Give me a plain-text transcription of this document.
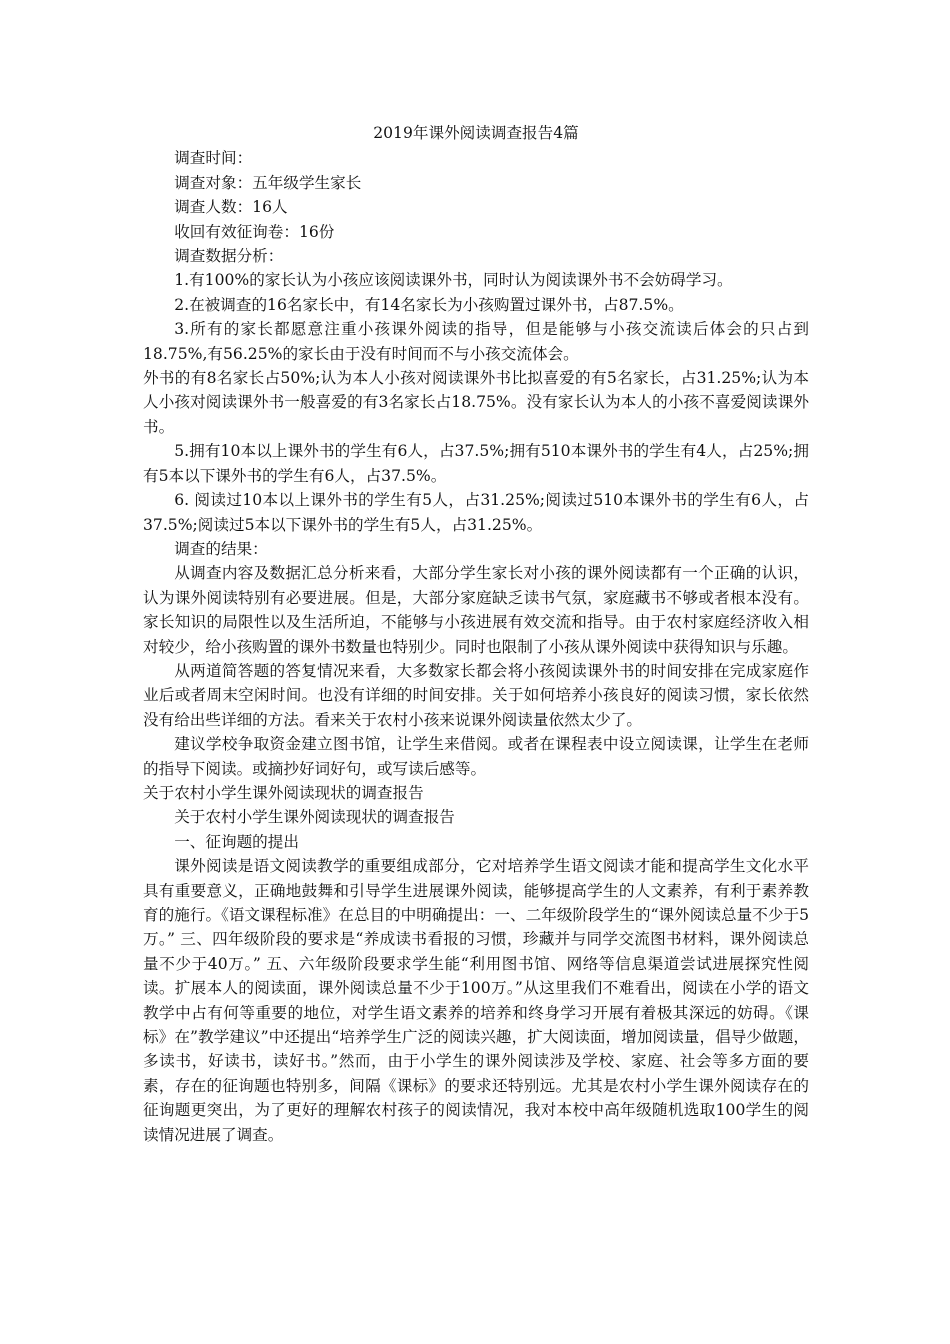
2019年课外阅读调查报告4篇

调查时间：

调查对象：五年级学生家长

调查人数：16人

收回有效征询卷：16份

调查数据分析：

1.有100%的家长认为小孩应该阅读课外书，同时认为阅读课外书不会妨碍学习。

2.在被调查的16名家长中，有14名家长为小孩购置过课外书，占87.5%。

3.所有的家长都愿意注重小孩课外阅读的指导，但是能够与小孩交流读后体会的只占到18.75%,有56.25%的家长由于没有时间而不与小孩交流体会。

外书的有8名家长占50%;认为本人小孩对阅读课外书比拟喜爱的有5名家长，占31.25%;认为本人小孩对阅读课外书一般喜爱的有3名家长占18.75%。没有家长认为本人的小孩不喜爱阅读课外书。

5.拥有10本以上课外书的学生有6人，占37.5%;拥有510本课外书的学生有4人，占25%;拥有5本以下课外书的学生有6人，占37.5%。

6. 阅读过10本以上课外书的学生有5人，占31.25%;阅读过510本课外书的学生有6人，占37.5%;阅读过5本以下课外书的学生有5人，占31.25%。

调查的结果：

从调查内容及数据汇总分析来看，大部分学生家长对小孩的课外阅读都有一个正确的认识，认为课外阅读特别有必要进展。但是，大部分家庭缺乏读书气氛，家庭藏书不够或者根本没有。家长知识的局限性以及生活所迫，不能够与小孩进展有效交流和指导。由于农村家庭经济收入相对较少，给小孩购置的课外书数量也特别少。同时也限制了小孩从课外阅读中获得知识与乐趣。

从两道简答题的答复情况来看，大多数家长都会将小孩阅读课外书的时间安排在完成家庭作业后或者周末空闲时间。也没有详细的时间安排。关于如何培养小孩良好的阅读习惯，家长依然没有给出些详细的方法。看来关于农村小孩来说课外阅读量依然太少了。

建议学校争取资金建立图书馆，让学生来借阅。或者在课程表中设立阅读课，让学生在老师的指导下阅读。或摘抄好词好句，或写读后感等。

关于农村小学生课外阅读现状的调查报告

关于农村小学生课外阅读现状的调查报告

一、征询题的提出

课外阅读是语文阅读教学的重要组成部分，它对培养学生语文阅读才能和提高学生文化水平具有重要意义，正确地鼓舞和引导学生进展课外阅读，能够提高学生的人文素养，有利于素养教育的施行。《语文课程标准》在总目的中明确提出：一、二年级阶段学生的“课外阅读总量不少于5万。” 三、四年级阶段的要求是“养成读书看报的习惯，珍藏并与同学交流图书材料，课外阅读总量不少于40万。” 五、六年级阶段要求学生能“利用图书馆、网络等信息渠道尝试进展探究性阅读。扩展本人的阅读面，课外阅读总量不少于100万。”从这里我们不难看出，阅读在小学的语文教学中占有何等重要的地位，对学生语文素养的培养和终身学习开展有着极其深远的妨碍。《课标》在”教学建议”中还提出“培养学生广泛的阅读兴趣，扩大阅读面，增加阅读量，倡导少做题，多读书，好读书，读好书。”然而，由于小学生的课外阅读涉及学校、家庭、社会等多方面的要素，存在的征询题也特别多，间隔《课标》的要求还特别远。尤其是农村小学生课外阅读存在的征询题更突出，为了更好的理解农村孩子的阅读情况，我对本校中高年级随机选取100学生的阅读情况进展了调查。
